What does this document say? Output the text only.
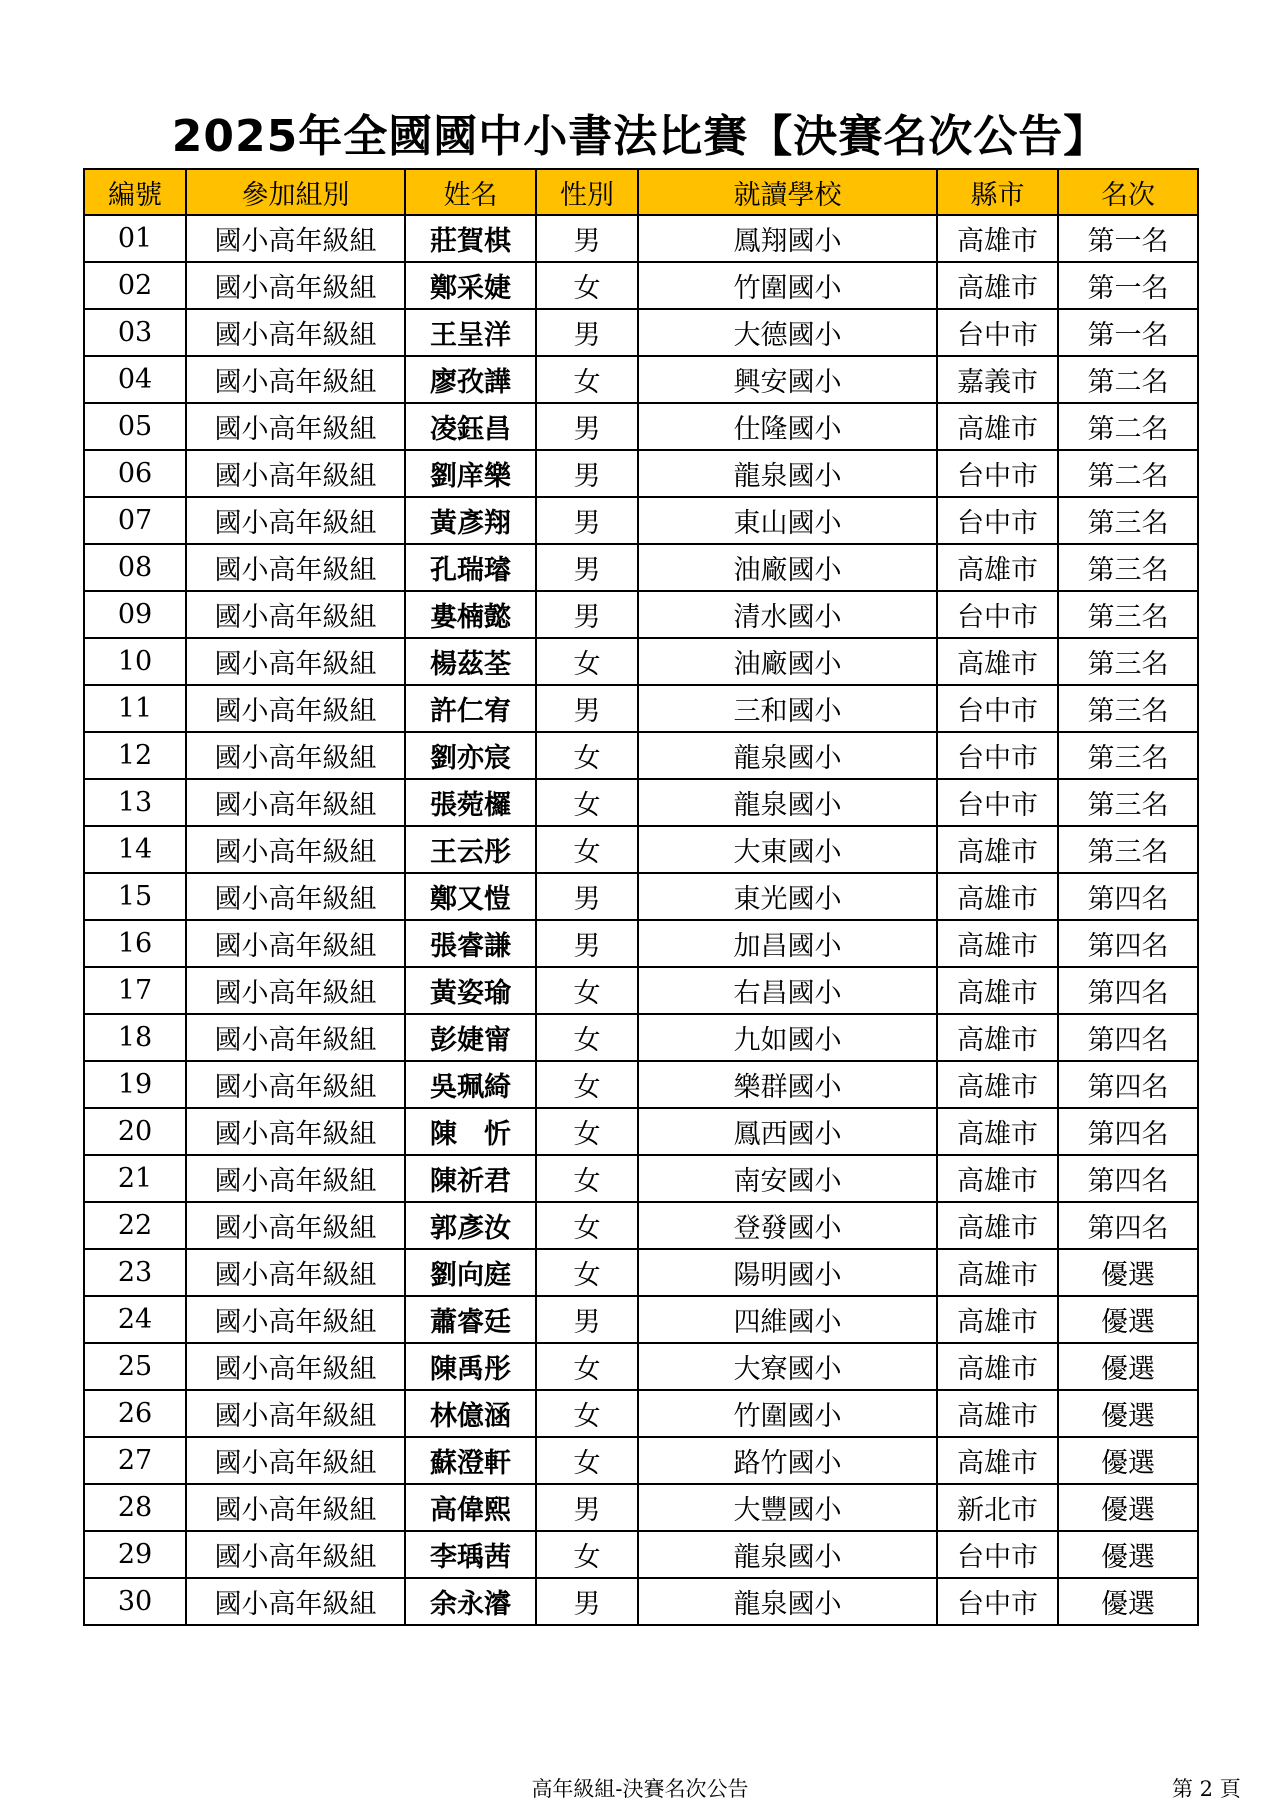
2025年全國國中小書法比賽【決賽名次公告】
編號	參加組別	姓名	性別	就讀學校	縣市	名次
01	國小高年級組	莊賀棋	男	鳳翔國小	高雄市	第一名
02	國小高年級組	鄭采婕	女	竹圍國小	高雄市	第一名
03	國小高年級組	王呈洋	男	大德國小	台中市	第一名
04	國小高年級組	廖孜譁	女	興安國小	嘉義市	第二名
05	國小高年級組	凌鈺昌	男	仕隆國小	高雄市	第二名
06	國小高年級組	劉庠樂	男	龍泉國小	台中市	第二名
07	國小高年級組	黃彥翔	男	東山國小	台中市	第三名
08	國小高年級組	孔瑞璿	男	油廠國小	高雄市	第三名
09	國小高年級組	婁楠懿	男	清水國小	台中市	第三名
10	國小高年級組	楊茲荃	女	油廠國小	高雄市	第三名
11	國小高年級組	許仁宥	男	三和國小	台中市	第三名
12	國小高年級組	劉亦宸	女	龍泉國小	台中市	第三名
13	國小高年級組	張菀欏	女	龍泉國小	台中市	第三名
14	國小高年級組	王云彤	女	大東國小	高雄市	第三名
15	國小高年級組	鄭又愷	男	東光國小	高雄市	第四名
16	國小高年級組	張睿謙	男	加昌國小	高雄市	第四名
17	國小高年級組	黃姿瑜	女	右昌國小	高雄市	第四名
18	國小高年級組	彭婕甯	女	九如國小	高雄市	第四名
19	國小高年級組	吳珮綺	女	樂群國小	高雄市	第四名
20	國小高年級組	陳　忻	女	鳳西國小	高雄市	第四名
21	國小高年級組	陳祈君	女	南安國小	高雄市	第四名
22	國小高年級組	郭彥汝	女	登發國小	高雄市	第四名
23	國小高年級組	劉向庭	女	陽明國小	高雄市	優選
24	國小高年級組	蕭睿廷	男	四維國小	高雄市	優選
25	國小高年級組	陳禹彤	女	大寮國小	高雄市	優選
26	國小高年級組	林億涵	女	竹圍國小	高雄市	優選
27	國小高年級組	蘇澄軒	女	路竹國小	高雄市	優選
28	國小高年級組	高偉熙	男	大豐國小	新北市	優選
29	國小高年級組	李瑀茜	女	龍泉國小	台中市	優選
30	國小高年級組	余永濬	男	龍泉國小	台中市	優選
高年級組-決賽名次公告	第 2 頁
